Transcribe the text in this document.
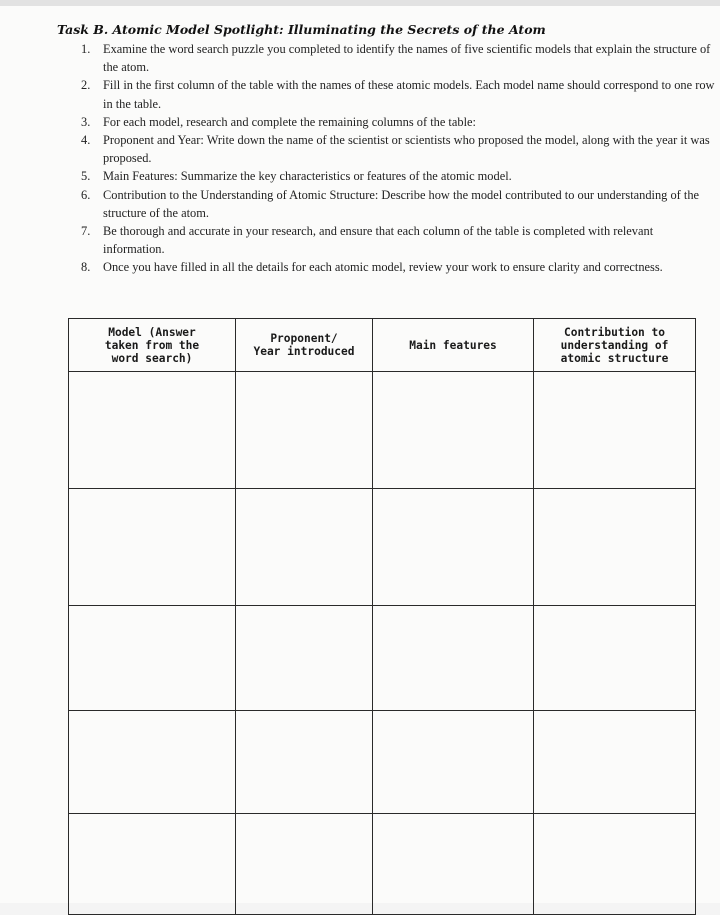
Task B. Atomic Model Spotlight: Illuminating the Secrets of the Atom
1. Examine the word search puzzle you completed to identify the names of five scientific models that explain the structure of the atom.
2. Fill in the first column of the table with the names of these atomic models. Each model name should correspond to one row in the table.
3. For each model, research and complete the remaining columns of the table:
4. Proponent and Year: Write down the name of the scientist or scientists who proposed the model, along with the year it was proposed.
5. Main Features: Summarize the key characteristics or features of the atomic model.
6. Contribution to the Understanding of Atomic Structure: Describe how the model contributed to our understanding of the structure of the atom.
7. Be thorough and accurate in your research, and ensure that each column of the table is completed with relevant information.
8. Once you have filled in all the details for each atomic model, review your work to ensure clarity and correctness.
Model (Answer
taken from the
word search)	Proponent/
Year introduced	Main features	Contribution to
understanding of
atomic structure
